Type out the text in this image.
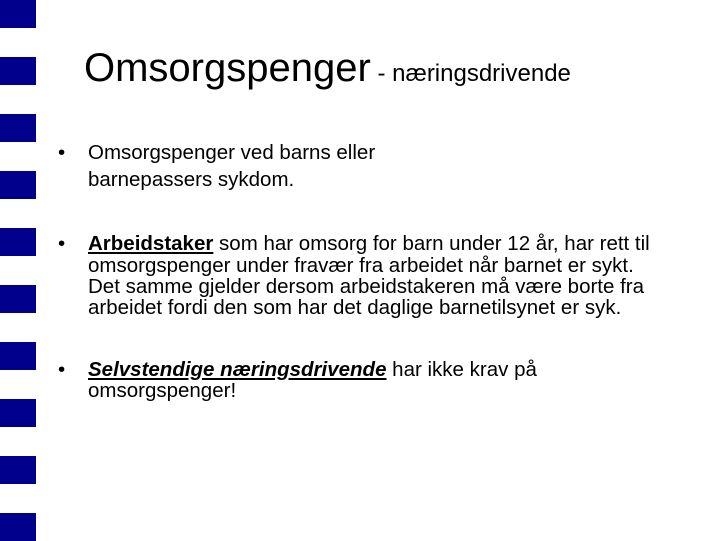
Omsorgspenger - næringsdrivende
• Omsorgspenger ved barns eller barnepassers sykdom.
• Arbeidstaker som har omsorg for barn under 12 år, har rett til omsorgspenger under fravær fra arbeidet når barnet er sykt. Det samme gjelder dersom arbeidstakeren må være borte fra arbeidet fordi den som har det daglige barnetilsynet er syk.
• Selvstendige næringsdrivende har ikke krav på omsorgspenger!
